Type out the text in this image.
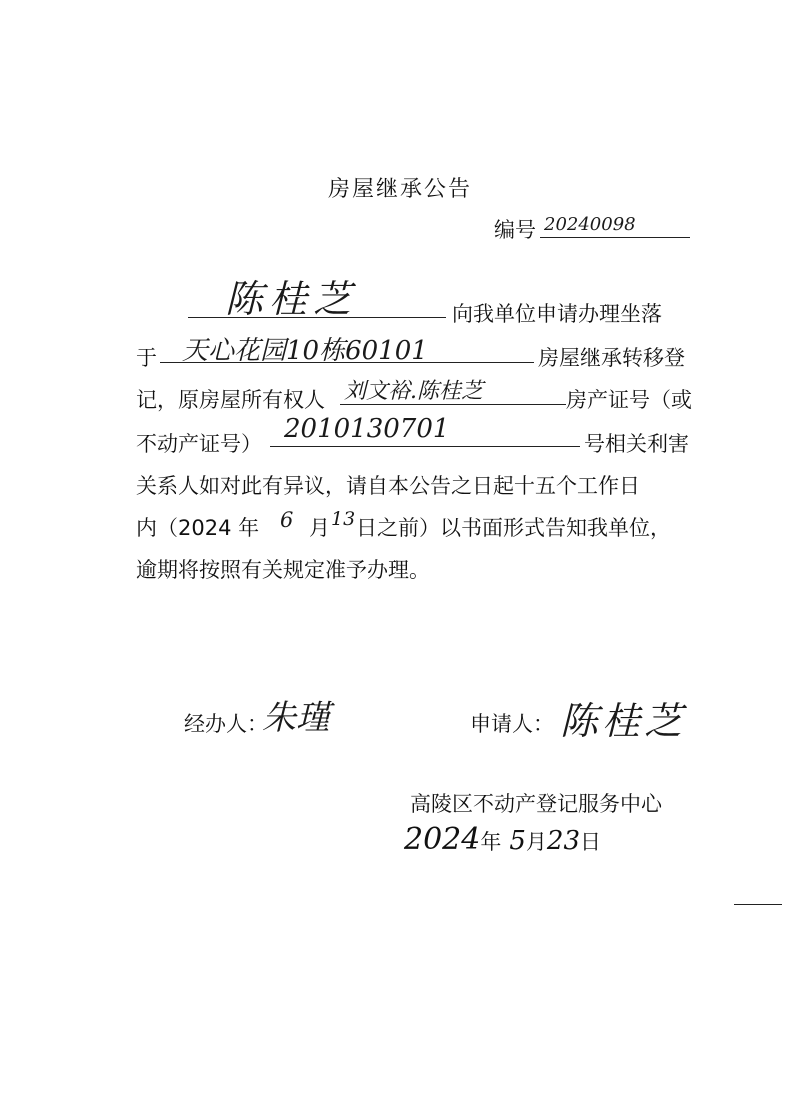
房屋继承公告
编号 20240098
陈桂芝	向我单位申请办理坐落
于 天心花园10栋60101	房屋继承转移登
记，原房屋所有权人 刘文裕.陈桂芝	房产证号（或
不动产证号） 2010130701	号相关利害
关系人如对此有异议，请自本公告之日起十五个工作日
内（2024 年 6 月 13 日之前）以书面形式告知我单位，
逾期将按照有关规定准予办理。
经办人：
朱瑾	申请人： 陈桂芝
高陵区不动产登记服务中心
2024年 5月23日
